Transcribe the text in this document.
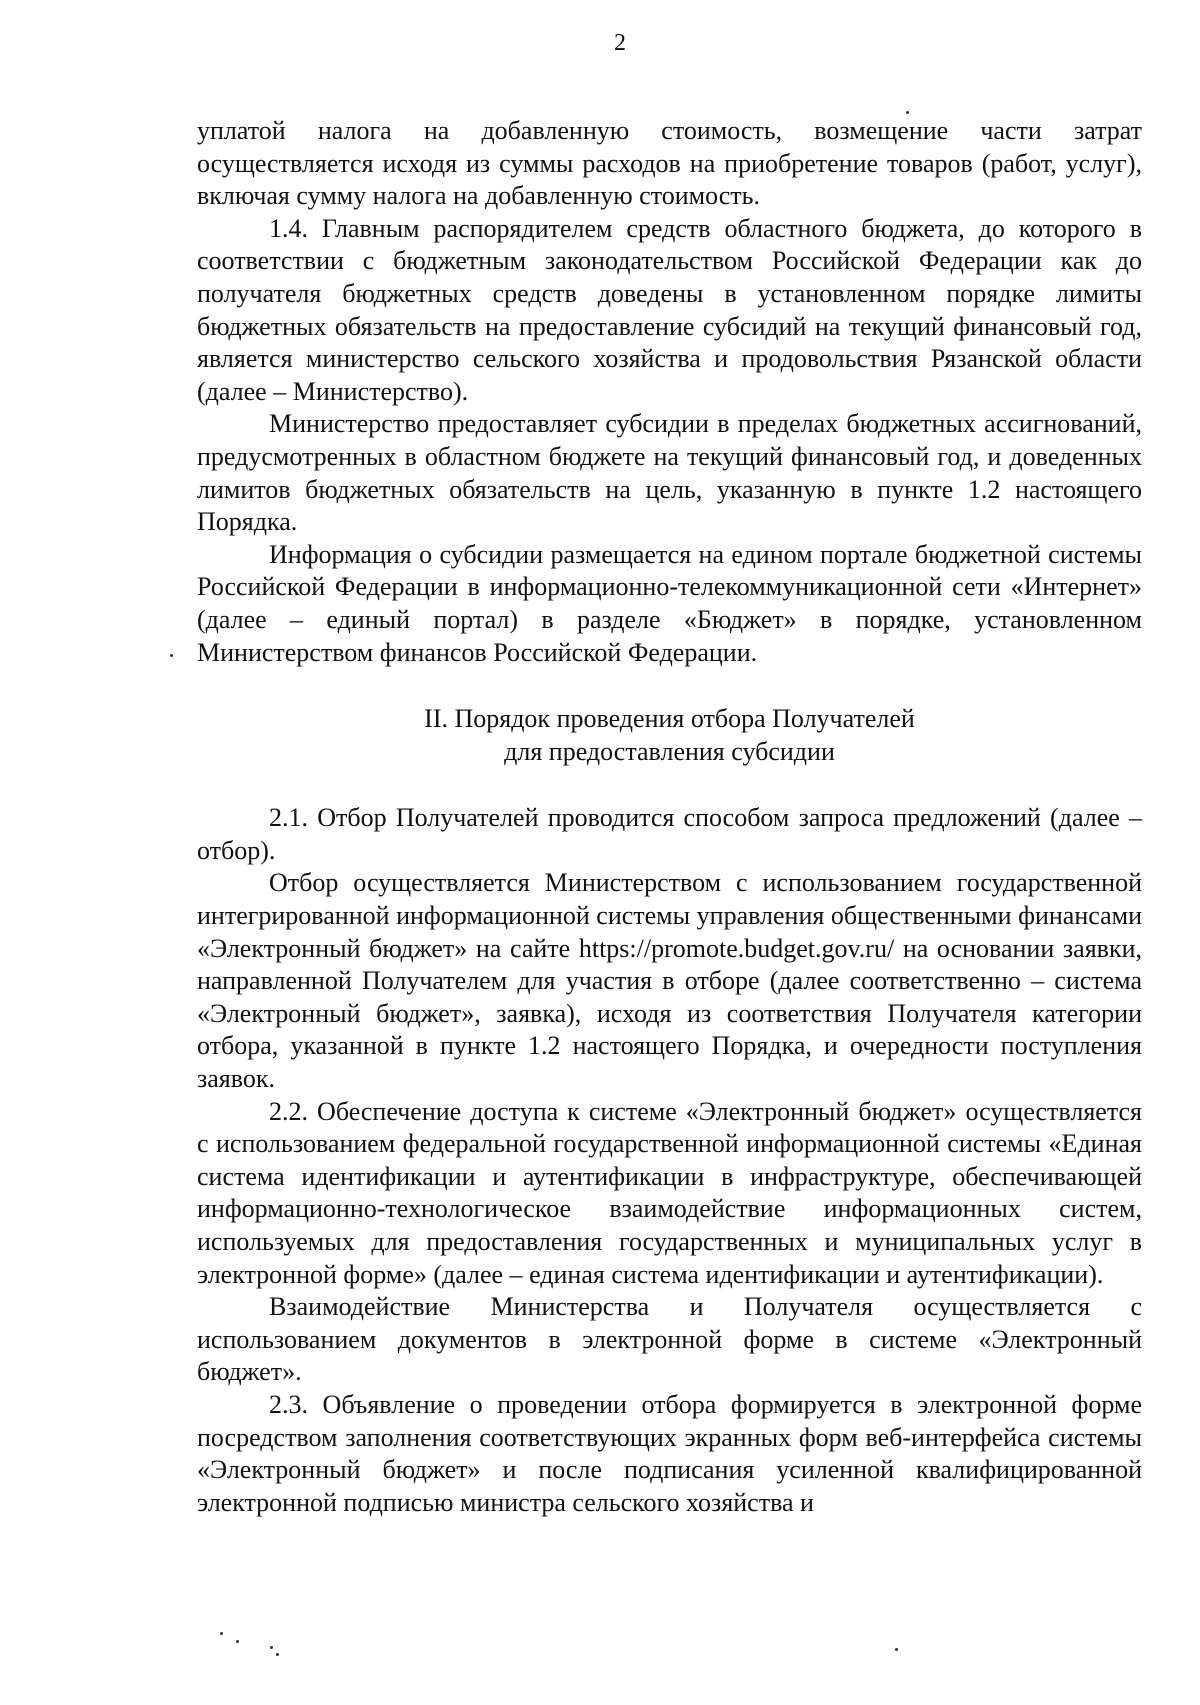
2

уплатой налога на добавленную стоимость, возмещение части затрат осуществляется исходя из суммы расходов на приобретение товаров (работ, услуг), включая сумму налога на добавленную стоимость.

1.4. Главным распорядителем средств областного бюджета, до которого в соответствии с бюджетным законодательством Российской Федерации как до получателя бюджетных средств доведены в установленном порядке лимиты бюджетных обязательств на предоставление субсидий на текущий финансовый год, является министерство сельского хозяйства и продовольствия Рязанской области (далее – Министерство).

Министерство предоставляет субсидии в пределах бюджетных ассигнований, предусмотренных в областном бюджете на текущий финансовый год, и доведенных лимитов бюджетных обязательств на цель, указанную в пункте 1.2 настоящего Порядка.

Информация о субсидии размещается на едином портале бюджетной системы Российской Федерации в информационно-телекоммуникационной сети «Интернет» (далее – единый портал) в разделе «Бюджет» в порядке, установленном Министерством финансов Российской Федерации.

II. Порядок проведения отбора Получателей
для предоставления субсидии

2.1. Отбор Получателей проводится способом запроса предложений (далее – отбор).

Отбор осуществляется Министерством с использованием государственной интегрированной информационной системы управления общественными финансами «Электронный бюджет» на сайте https://promote.budget.gov.ru/ на основании заявки, направленной Получателем для участия в отборе (далее соответственно – система «Электронный бюджет», заявка), исходя из соответствия Получателя категории отбора, указанной в пункте 1.2 настоящего Порядка, и очередности поступления заявок.

2.2. Обеспечение доступа к системе «Электронный бюджет» осуществляется с использованием федеральной государственной информационной системы «Единая система идентификации и аутентификации в инфраструктуре, обеспечивающей информационно-технологическое взаимодействие информационных систем, используемых для предоставления государственных и муниципальных услуг в электронной форме» (далее – единая система идентификации и аутентификации).

Взаимодействие Министерства и Получателя осуществляется с использованием документов в электронной форме в системе «Электронный бюджет».

2.3. Объявление о проведении отбора формируется в электронной форме посредством заполнения соответствующих экранных форм веб-интерфейса системы «Электронный бюджет» и после подписания усиленной квалифицированной электронной подписью министра сельского хозяйства и
